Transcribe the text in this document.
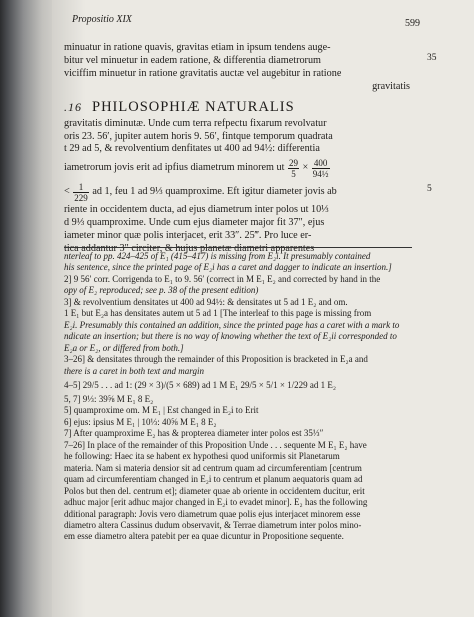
Propositio XIX	599
minuatur in ratione quavis, gravitas etiam in ipsum tendens auge-
bitur vel minuetur in eadem ratione, & differentia diametrorum
viciffim minuetur in ratione gravitatis auctæ vel augebitur in ratione
gravitatis
.16 PHILOSOPHIÆ NATURALIS
gravitatis diminutæ. Unde cum terra refpectu fixarum revolvatur
oris 23. 56′, jupiter autem horis 9. 56′, fintque temporum quadrata
t 29 ad 5, & revolventium denfitates ut 400 ad 94½: differentia
iametrorum jovis erit ad ipfius diametrum minorem ut $\frac{29}{5} \times \frac{400}{\text{94½}}$
< $\frac{1}{229}$ ad 1, feu 1 ad 9⅓ quamproxime. Eft igitur diameter jovis ab
riente in occidentem ducta, ad ejus diametrum inter polos ut 10⅓
d 9⅓ quamproxime. Unde cum ejus diameter major fit 37″, ejus
iameter minor quæ polis interjacet, erit 33″. 25‴. Pro luce er-
tica addantur 3″ circiter, & hujus planetæ diametri apparentes
35
5
nterleaf to pp. 424–425 of E₁ (415–417) is missing from E₂i. It presumably contained
his sentence, since the printed page of E₂i has a caret and dagger to indicate an insertion.]
2] 9 56′ corr. Corrigenda to E₁ to 9. 56′ (correct in M E₁ E₂ and corrected by hand in the
opy of E₂ reproduced; see p. 38 of the present edition)
3] & revolventium densitates ut 400 ad 94½: & densitates ut 5 ad 1 E₂ and om.
1 E₁ but E₂a has densitates autem ut 5 ad 1 [The interleaf to this page is missing from
E₂i. Presumably this contained an addition, since the printed page has a caret with a mark to
ndicate an insertion; but there is no way of knowing whether the text of E₂ii corresponded to
E₂a or E₂, or differed from both.]
3–26] & densitates through the remainder of this Proposition is bracketed in E₂a and
there is a caret in both text and margin
4–5] 29/5 . . . ad 1: (29 × 3)/(5 × 689) ad 1 M E₁ 29/5 × 5/1 × 1/229 ad 1 E₂
5, 7] 9⅓: 39⅝ M E₁ 8 E₂
5] quamproxime om. M E₁ | Est changed in E₂i to Erit
6] ejus: ipsius M E₁ | 10⅓: 40⅝ M E₁ 8 E₂
7] After quamproxime E₂ has & propterea diameter inter polos est 35⅓″
7–26] In place of the remainder of this Proposition Unde . . . sequente M E₁ E₂ have
he following: Haec ita se habent ex hypothesi quod uniformis sit Planetarum
materia. Nam si materia densior sit ad centrum quam ad circumferentiam [centrum
quam ad circumferentiam changed in E₂i to centrum et planum aequatoris quam ad
Polos but then del. centrum et]; diameter quae ab oriente in occidentem ducitur, erit
adhuc major [erit adhuc major changed in E₂i to evadet minor]. E₂ has the following
dditional paragraph: Jovis vero diametrum quae polis ejus interjacet minorem esse
diametro altera Cassinus dudum observavit, & Terrae diametrum inter polos mino-
em esse diametro altera patebit per ea quae dicuntur in Propositione sequente.
